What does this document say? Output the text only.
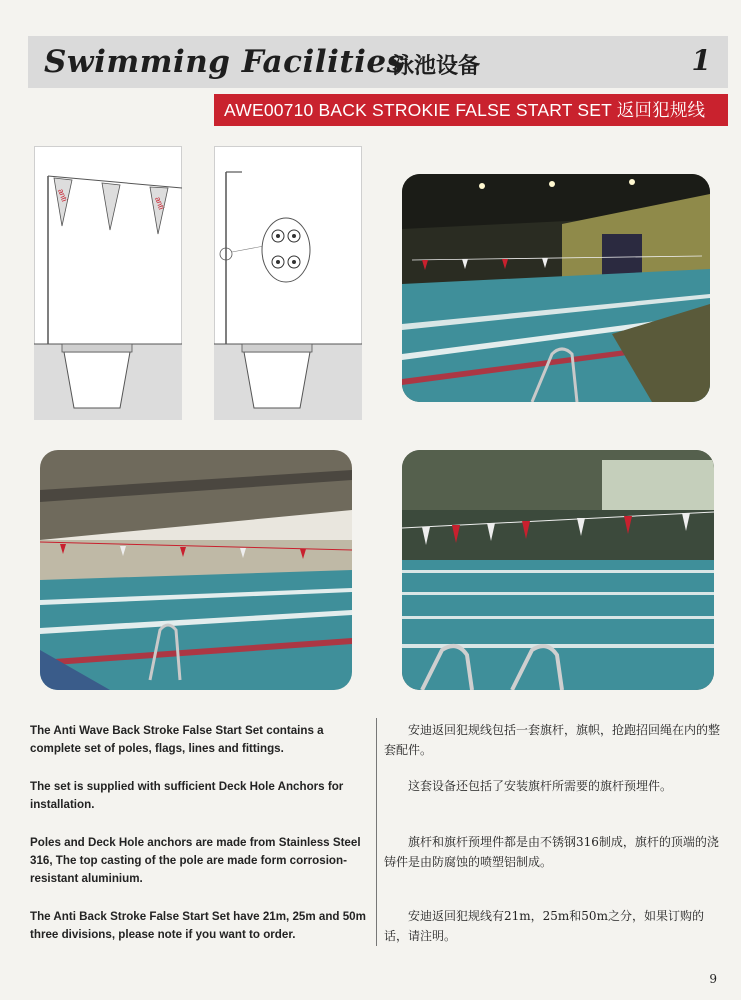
Swimming Facilities
泳池设备	1
AWE00710 BACK STROKIE FALSE START SET 返回犯规线
anti
anti
The Anti Wave Back Stroke False Start Set contains a complete set of poles, flags, lines and fittings.
安迪返回犯规线包括一套旗杆，旗帜，抢跑招回绳在内的整套配件。
The set is supplied with sufficient Deck Hole Anchors for installation.
这套设备还包括了安装旗杆所需要的旗杆预埋件。
Poles and Deck Hole anchors are made from Stainless Steel 316, The top casting of the pole are made form corrosion-resistant aluminium.
旗杆和旗杆预埋件都是由不锈钢316制成，旗杆的顶端的浇铸件是由防腐蚀的喷塑铝制成。
The Anti Back Stroke False Start Set have 21m, 25m and 50m three divisions, please note if you want to order.
安迪返回犯规线有21m，25m和50m之分，如果订购的话，请注明。
9
